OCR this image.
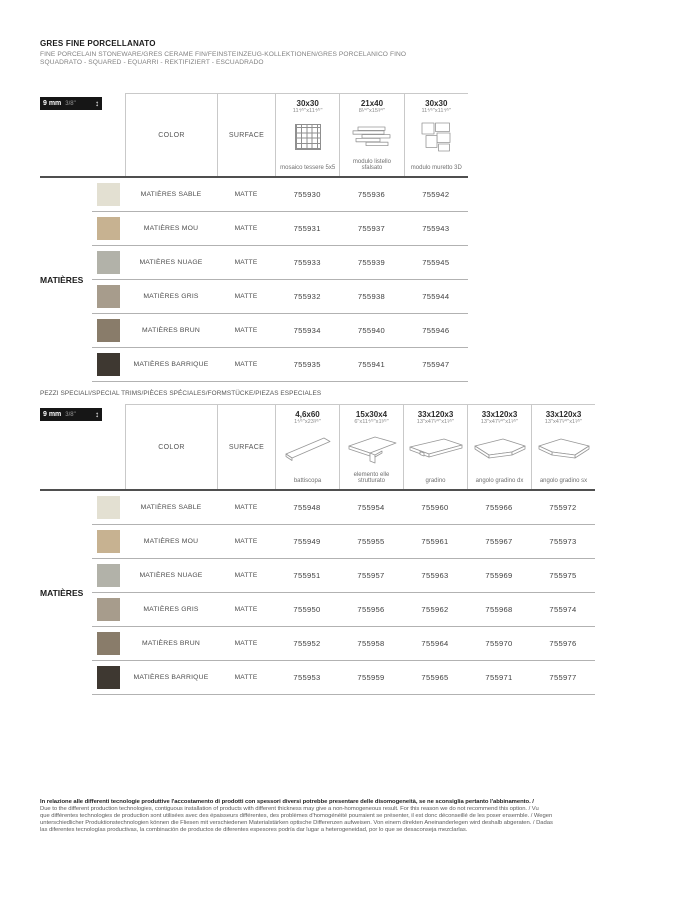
GRES FINE PORCELLANATO
FINE PORCELAIN STONEWARE/GRES CERAME FIN/FEINSTEINZEUG-KOLLEKTIONEN/GRES PORCELANICO FINO
SQUADRATO - SQUARED - EQUARRI - REKTIFIZIERT - ESCUADRADO
9 mm 3/8"	↕
COLOR	SURFACE
30x30
11⁴⁄⁵"x11⁴⁄⁵"
mosaico tessere 5x5
21x40
8¹⁄⁴"x15³⁄⁴"
modulo listello sfalsato
30x30
11⁴⁄⁵"x11⁴⁄⁵"
modulo muretto 3D
MATIÈRES
MATIÈRES SABLE	MATTE	755930	755936	755942
MATIÈRES MOU	MATTE	755931	755937	755943
MATIÈRES NUAGE	MATTE	755933	755939	755945
MATIÈRES GRIS	MATTE	755932	755938	755944
MATIÈRES BRUN	MATTE	755934	755940	755946
MATIÈRES BARRIQUE	MATTE	755935	755941	755947
PEZZI SPECIALI/SPECIAL TRIMS/PIÈCES SPÉCIALES/FORMSTÜCKE/PIEZAS ESPECIALES
9 mm 3/8"	↕
COLOR	SURFACE
4,6x60
1⁴⁄⁵"x23³⁄⁵"
battiscopa
15x30x4
6"x11⁴⁄⁵"x1³⁄⁵"
elemento elle strutturato
33x120x3
13"x47¹⁄⁴"x1¹⁄⁵"
gradino
33x120x3
13"x47¹⁄⁴"x1¹⁄⁵"
angolo gradino dx
33x120x3
13"x47¹⁄⁴"x1¹⁄⁵"
angolo gradino sx
MATIÈRES
MATIÈRES SABLE	MATTE	755948	755954	755960	755966	755972
MATIÈRES MOU	MATTE	755949	755955	755961	755967	755973
MATIÈRES NUAGE	MATTE	755951	755957	755963	755969	755975
MATIÈRES GRIS	MATTE	755950	755956	755962	755968	755974
MATIÈRES BRUN	MATTE	755952	755958	755964	755970	755976
MATIÈRES BARRIQUE	MATTE	755953	755959	755965	755971	755977
In relazione alle differenti tecnologie produttive l'accostamento di prodotti con spessori diversi potrebbe presentare delle disomogeneità, se ne sconsiglia pertanto l'abbinamento. /
Due to the different production technologies, contiguous installation of products with different thickness may give a non-homogeneous result. For this reason we do not recommend this option. / Vu
que différentes technologies de production sont utilisées avec des épaisseurs différentes, des problèmes d'homogénéité pourraient se présenter, il est donc déconseillé de les poser ensemble. / Wegen
unterschiedlicher Produktionstechnologien können die Fliesen mit verschiedenen Materialstärken optische Differenzen aufweisen. Von einem direkten Aneinanderlegen wird deshalb abgeraten. / Dadas
las diferentes tecnologías productivas, la combinación de productos de diferentes espesores podría dar lugar a heterogeneidad, por lo que se desaconseja mezclarlas.
